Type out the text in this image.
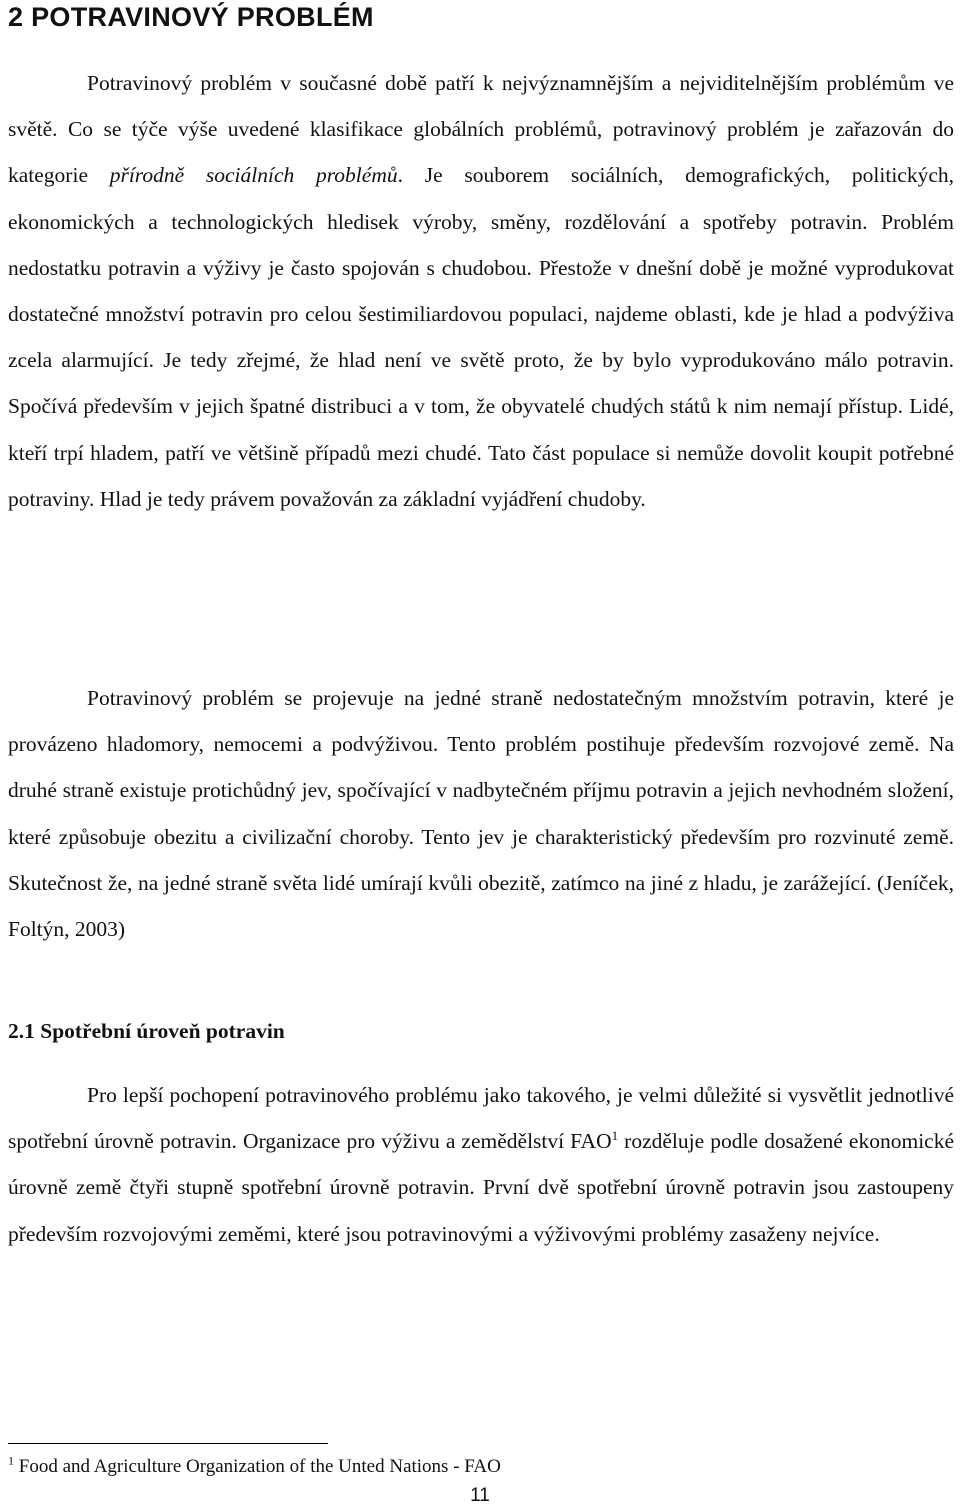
2 POTRAVINOVÝ PROBLÉM

Potravinový problém v současné době patří k nejvýznamnějším a nejviditelnějším problémům ve světě. Co se týče výše uvedené klasifikace globálních problémů, potravinový problém je zařazován do kategorie přírodně sociálních problémů. Je souborem sociálních, demografických, politických, ekonomických a technologických hledisek výroby, směny, rozdělování a spotřeby potravin. Problém nedostatku potravin a výživy je často spojován s chudobou. Přestože v dnešní době je možné vyprodukovat dostatečné množství potravin pro celou šestimiliardovou populaci, najdeme oblasti, kde je hlad a podvýživa zcela alarmující. Je tedy zřejmé, že hlad není ve světě proto, že by bylo vyprodukováno málo potravin. Spočívá především v jejich špatné distribuci a v tom, že obyvatelé chudých států k nim nemají přístup. Lidé, kteří trpí hladem, patří ve většině případů mezi chudé. Tato část populace si nemůže dovolit koupit potřebné potraviny. Hlad je tedy právem považován za základní vyjádření chudoby.

Potravinový problém se projevuje na jedné straně nedostatečným množstvím potravin, které je provázeno hladomory, nemocemi a podvýživou. Tento problém postihuje především rozvojové země. Na druhé straně existuje protichůdný jev, spočívající v nadbytečném příjmu potravin a jejich nevhodném složení, které způsobuje obezitu a civilizační choroby. Tento jev je charakteristický především pro rozvinuté země. Skutečnost že, na jedné straně světa lidé umírají kvůli obezitě, zatímco na jiné z hladu, je zarážející. (Jeníček, Foltýn, 2003)

2.1 Spotřební úroveň potravin

Pro lepší pochopení potravinového problému jako takového, je velmi důležité si vysvětlit jednotlivé spotřební úrovně potravin. Organizace pro výživu a zemědělství FAO$^1$ rozděluje podle dosažené ekonomické úrovně země čtyři stupně spotřební úrovně potravin. První dvě spotřební úrovně potravin jsou zastoupeny především rozvojovými zeměmi, které jsou potravinovými a výživovými problémy zasaženy nejvíce.

$^1$ Food and Agriculture Organization of the Unted Nations - FAO

11
